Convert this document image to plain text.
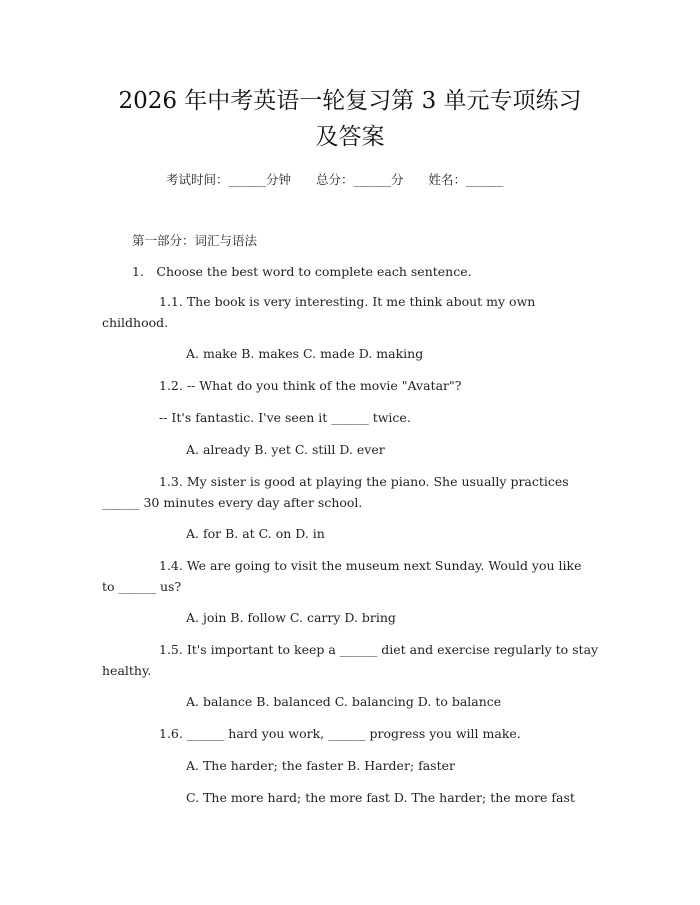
2026 年中考英语一轮复习第 3 单元专项练习
及答案
考试时间：______分钟　　总分：______分　　姓名：______
第一部分：词汇与语法
1.　Choose the best word to complete each sentence.
1.1. The book is very interesting. It me think about my own childhood.
A. make B. makes C. made D. making
1.2. -- What do you think of the movie "Avatar"?
-- It's fantastic. I've seen it ______ twice.
A. already B. yet C. still D. ever
1.3. My sister is good at playing the piano. She usually practices ______ 30 minutes every day after school.
A. for B. at C. on D. in
1.4. We are going to visit the museum next Sunday. Would you like to ______ us?
A. join B. follow C. carry D. bring
1.5. It's important to keep a ______ diet and exercise regularly to stay healthy.
A. balance B. balanced C. balancing D. to balance
1.6. ______ hard you work, ______ progress you will make.
A. The harder; the faster B. Harder; faster
C. The more hard; the more fast D. The harder; the more fast
